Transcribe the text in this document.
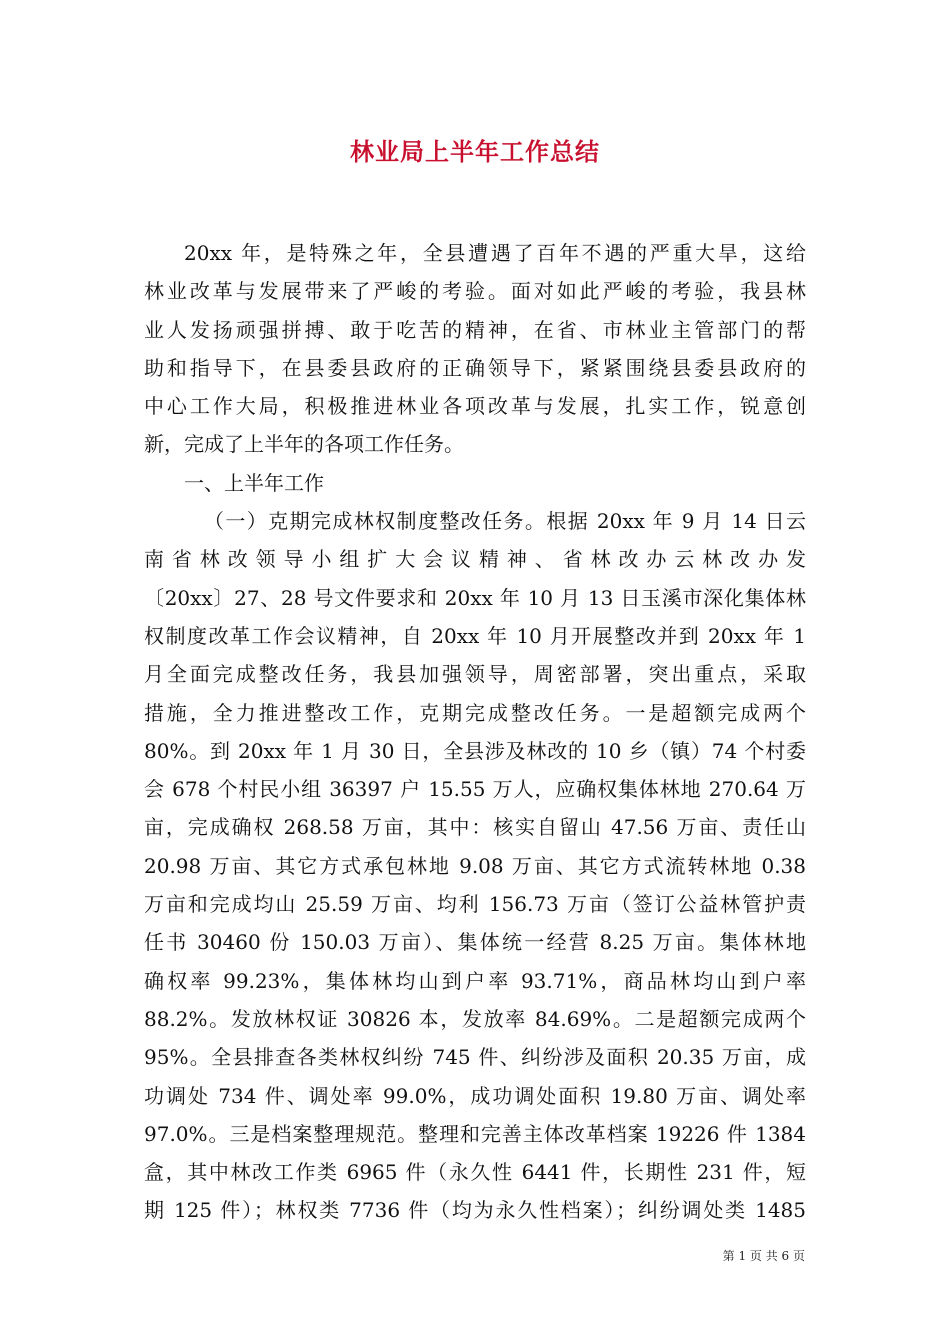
林业局上半年工作总结
20xx 年，是特殊之年，全县遭遇了百年不遇的严重大旱，这给
林业改革与发展带来了严峻的考验。面对如此严峻的考验，我县林
业人发扬顽强拼搏、敢于吃苦的精神，在省、市林业主管部门的帮
助和指导下，在县委县政府的正确领导下，紧紧围绕县委县政府的
中心工作大局，积极推进林业各项改革与发展，扎实工作，锐意创
新，完成了上半年的各项工作任务。
一、上半年工作
（一）克期完成林权制度整改任务。根据 20xx 年 9 月 14 日云
南省林改领导小组扩大会议精神、省林改办云林改办发
〔20xx〕27、28 号文件要求和 20xx 年 10 月 13 日玉溪市深化集体林
权制度改革工作会议精神，自 20xx 年 10 月开展整改并到 20xx 年 1
月全面完成整改任务，我县加强领导，周密部署，突出重点，采取
措施，全力推进整改工作，克期完成整改任务。一是超额完成两个
80%。到 20xx 年 1 月 30 日，全县涉及林改的 10 乡（镇）74 个村委
会 678 个村民小组 36397 户 15.55 万人，应确权集体林地 270.64 万
亩，完成确权 268.58 万亩，其中：核实自留山 47.56 万亩、责任山
20.98 万亩、其它方式承包林地 9.08 万亩、其它方式流转林地 0.38
万亩和完成均山 25.59 万亩、均利 156.73 万亩（签订公益林管护责
任书 30460 份 150.03 万亩）、集体统一经营 8.25 万亩。集体林地
确权率 99.23%，集体林均山到户率 93.71%，商品林均山到户率
88.2%。发放林权证 30826 本，发放率 84.69%。二是超额完成两个
95%。全县排查各类林权纠纷 745 件、纠纷涉及面积 20.35 万亩，成
功调处 734 件、调处率 99.0%，成功调处面积 19.80 万亩、调处率
97.0%。三是档案整理规范。整理和完善主体改革档案 19226 件 1384
盒，其中林改工作类 6965 件（永久性 6441 件，长期性 231 件，短
期 125 件）；林权类 7736 件（均为永久性档案）；纠纷调处类 1485
第 1 页 共 6 页
